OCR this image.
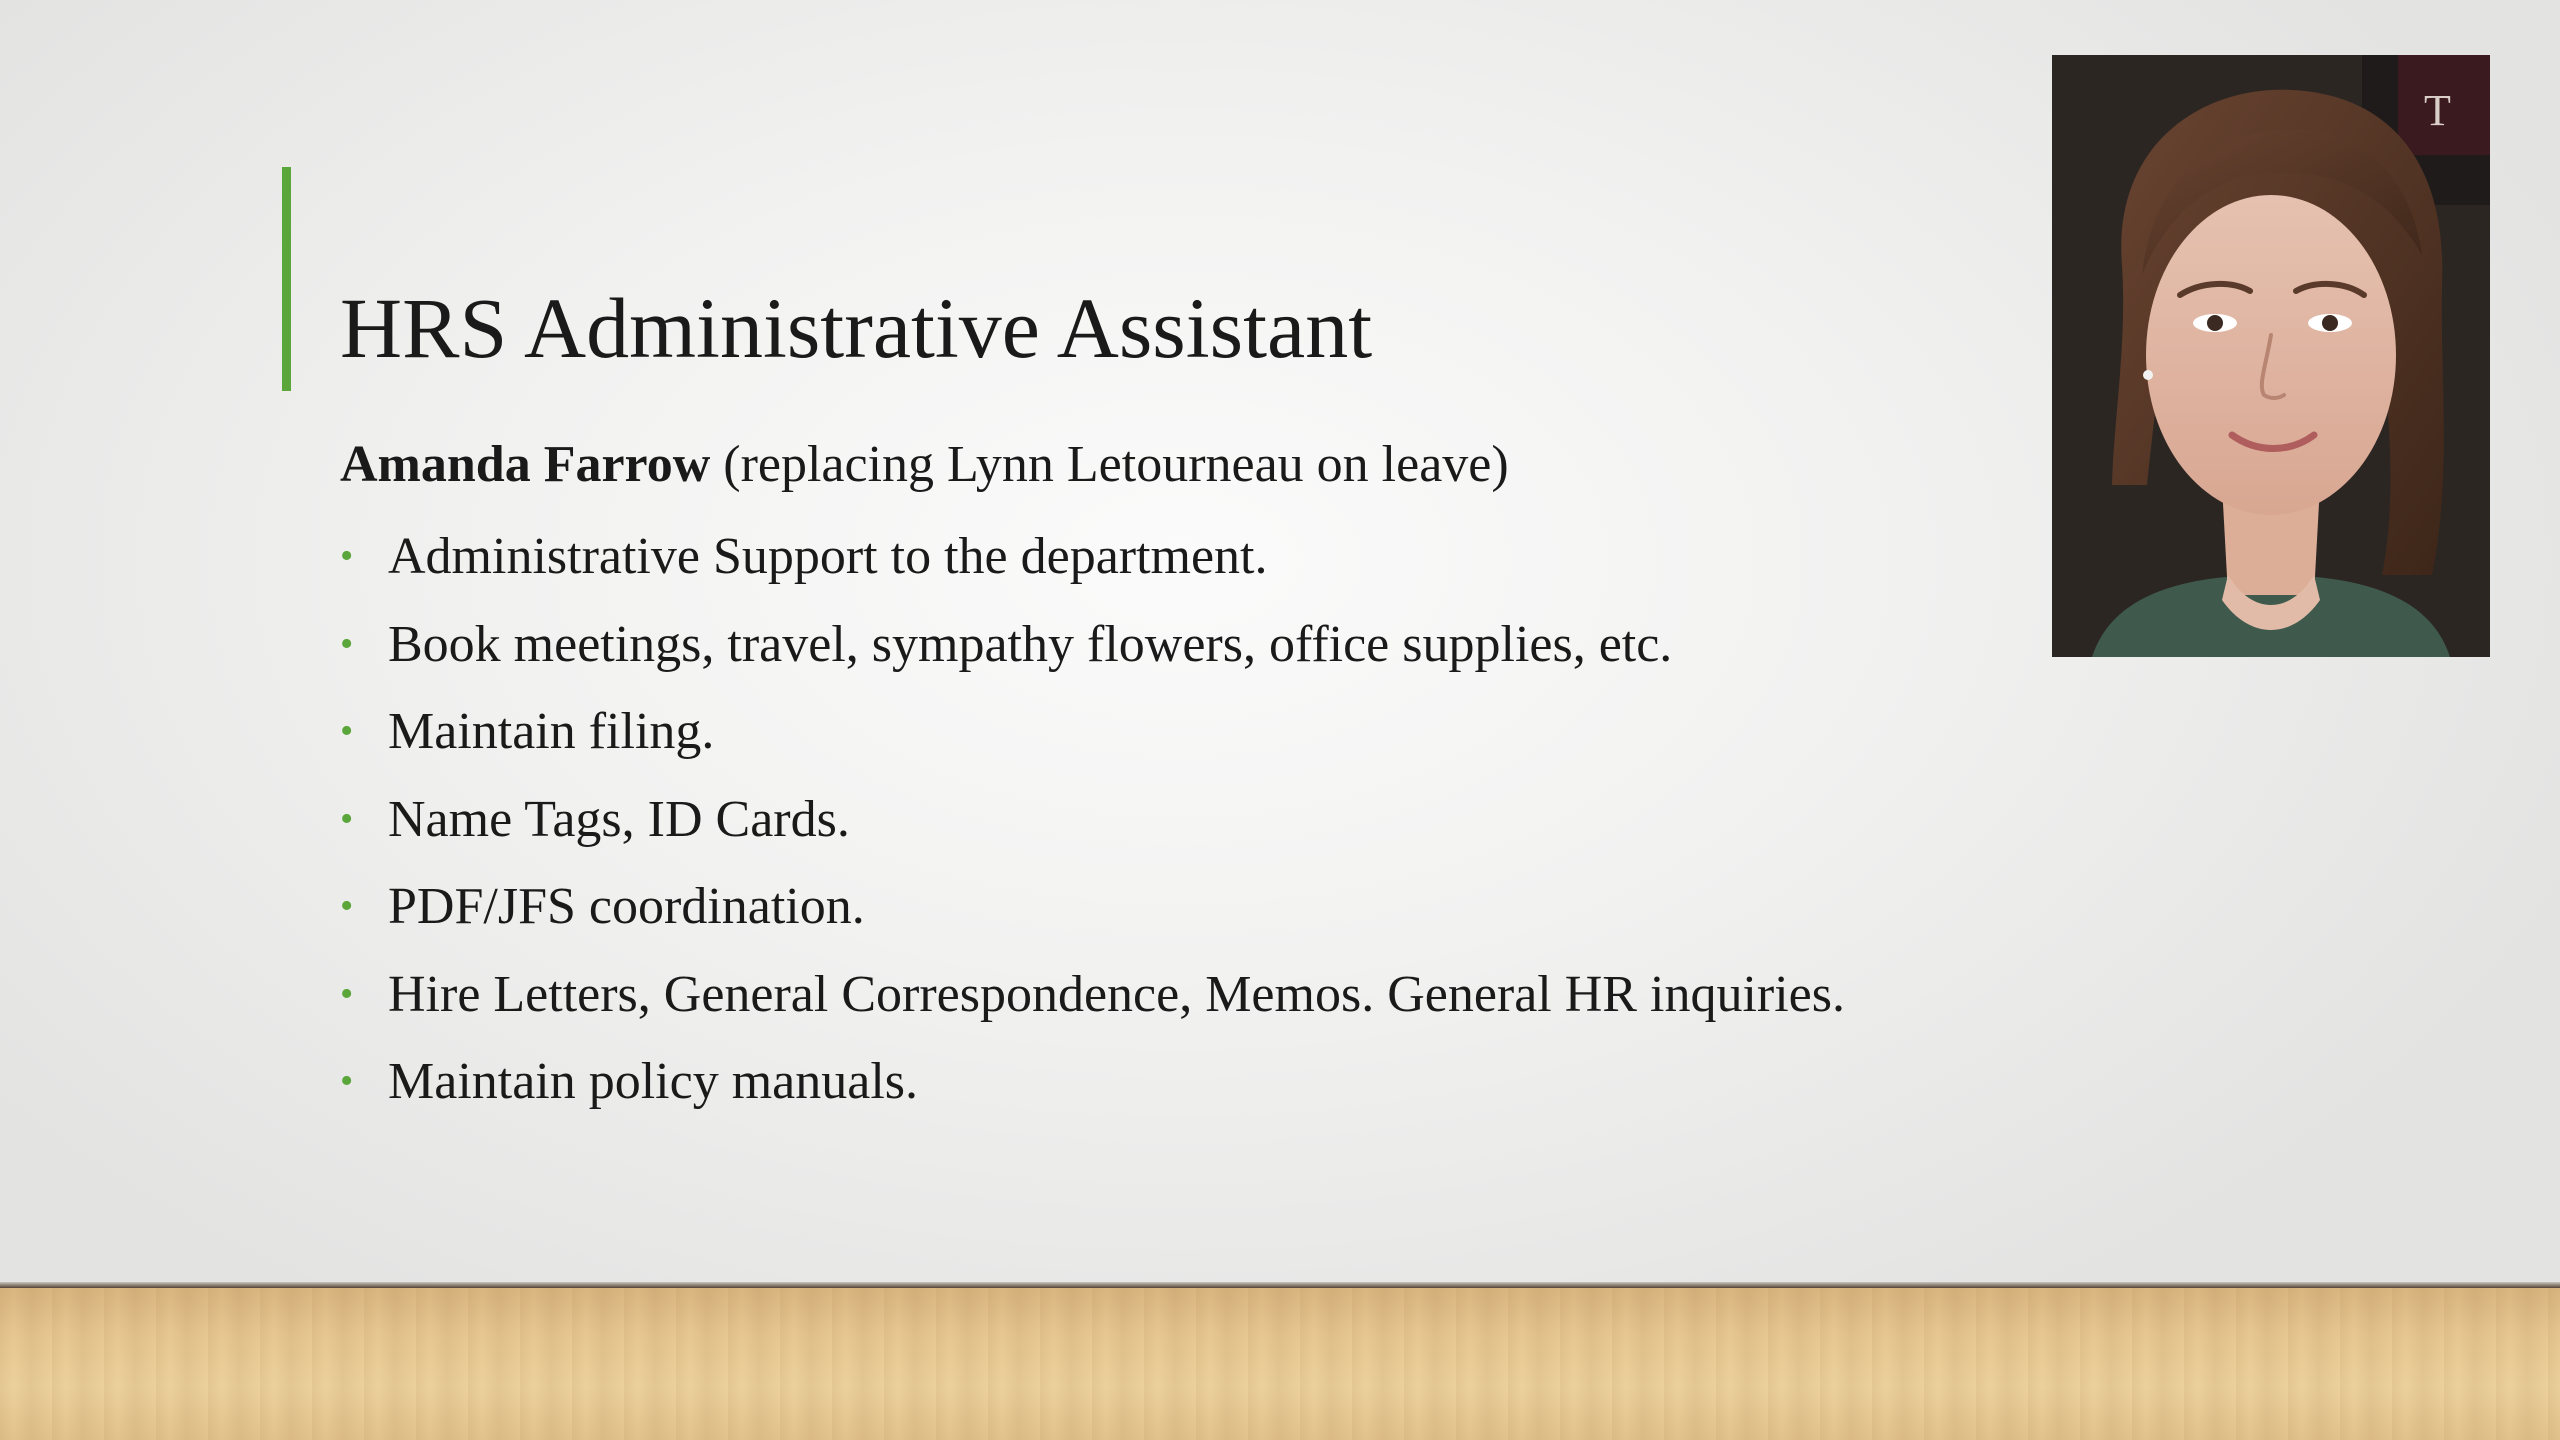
HRS Administrative Assistant
Amanda Farrow (replacing Lynn Letourneau on leave)
• Administrative Support to the department.
• Book meetings, travel, sympathy flowers, office supplies, etc.
• Maintain filing.
• Name Tags, ID Cards.
• PDF/JFS coordination.
• Hire Letters, General Correspondence, Memos. General HR inquiries.
• Maintain policy manuals.
T
